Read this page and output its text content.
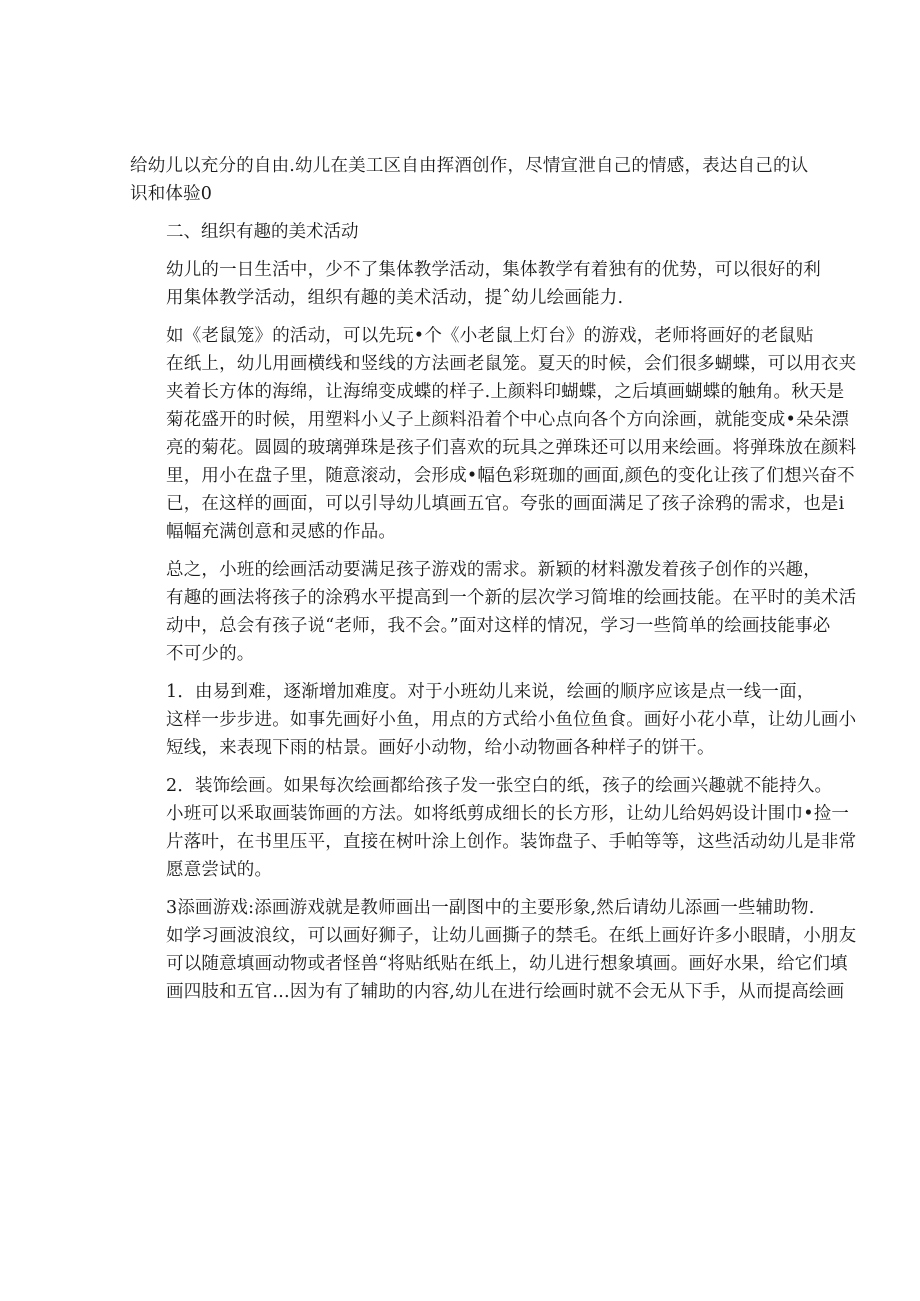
给幼儿以充分的自由.幼儿在美工区自由挥酒创作，尽情宣泄自己的情感，表达自己的认
识和体验0

二、组织有趣的美术活动

幼儿的一日生活中，少不了集体教学活动，集体教学有着独有的优势，可以很好的利
用集体教学活动，组织有趣的美术活动，提ˆ幼儿绘画能力.

如《老鼠笼》的活动，可以先玩•个《小老鼠上灯台》的游戏，老师将画好的老鼠贴
在纸上，幼儿用画横线和竖线的方法画老鼠笼。夏天的时候，会们很多蝴蝶，可以用衣夹
夹着长方体的海绵，让海绵变成蝶的样子.上颜料印蝴蝶，之后填画蝴蝶的触角。秋天是
菊花盛开的时候，用塑料小乂子上颜料沿着个中心点向各个方向涂画，就能变成•朵朵漂
亮的菊花。圆圆的玻璃弹珠是孩子们喜欢的玩具之弹珠还可以用来绘画。将弹珠放在颜料
里，用小在盘子里，随意滚动，会形成•幅色彩斑珈的画面,颜色的变化让孩了们想兴奋不
已，在这样的画面，可以引导幼儿填画五官。夸张的画面满足了孩子涂鸦的需求，也是i
幅幅充满创意和灵感的作品。

总之，小班的绘画活动要满足孩子游戏的需求。新颖的材料激发着孩子创作的兴趣，
有趣的画法将孩子的涂鸦水平提高到一个新的层次学习简堆的绘画技能。在平时的美术活
动中，总会有孩子说“老师，我不会。”面对这样的情况，学习一些简单的绘画技能事必
不可少的。

1．由易到难，逐渐增加难度。对于小班幼儿来说，绘画的顺序应该是点一线一面，
这样一步步进。如事先画好小鱼，用点的方式给小鱼位鱼食。画好小花小草，让幼儿画小
短线，来表现下雨的枯景。画好小动物，给小动物画各种样子的饼干。

2．装饰绘画。如果每次绘画都给孩子发一张空白的纸，孩子的绘画兴趣就不能持久。
小班可以釆取画装饰画的方法。如将纸剪成细长的长方形，让幼儿给妈妈设计围巾•捡一
片落叶，在书里压平，直接在树叶涂上创作。装饰盘子、手帕等等，这些活动幼儿是非常
愿意尝试的。

3添画游戏:添画游戏就是教师画出一副图中的主要形象,然后请幼儿添画一些辅助物.
如学习画波浪纹，可以画好狮子，让幼儿画撕子的禁毛。在纸上画好许多小眼睛，小朋友
可以随意填画动物或者怪兽“将贴纸贴在纸上，幼儿进行想象填画。画好水果，给它们填
画四肢和五官…因为有了辅助的内容,幼儿在进行绘画时就不会无从下手，从而提高绘画
